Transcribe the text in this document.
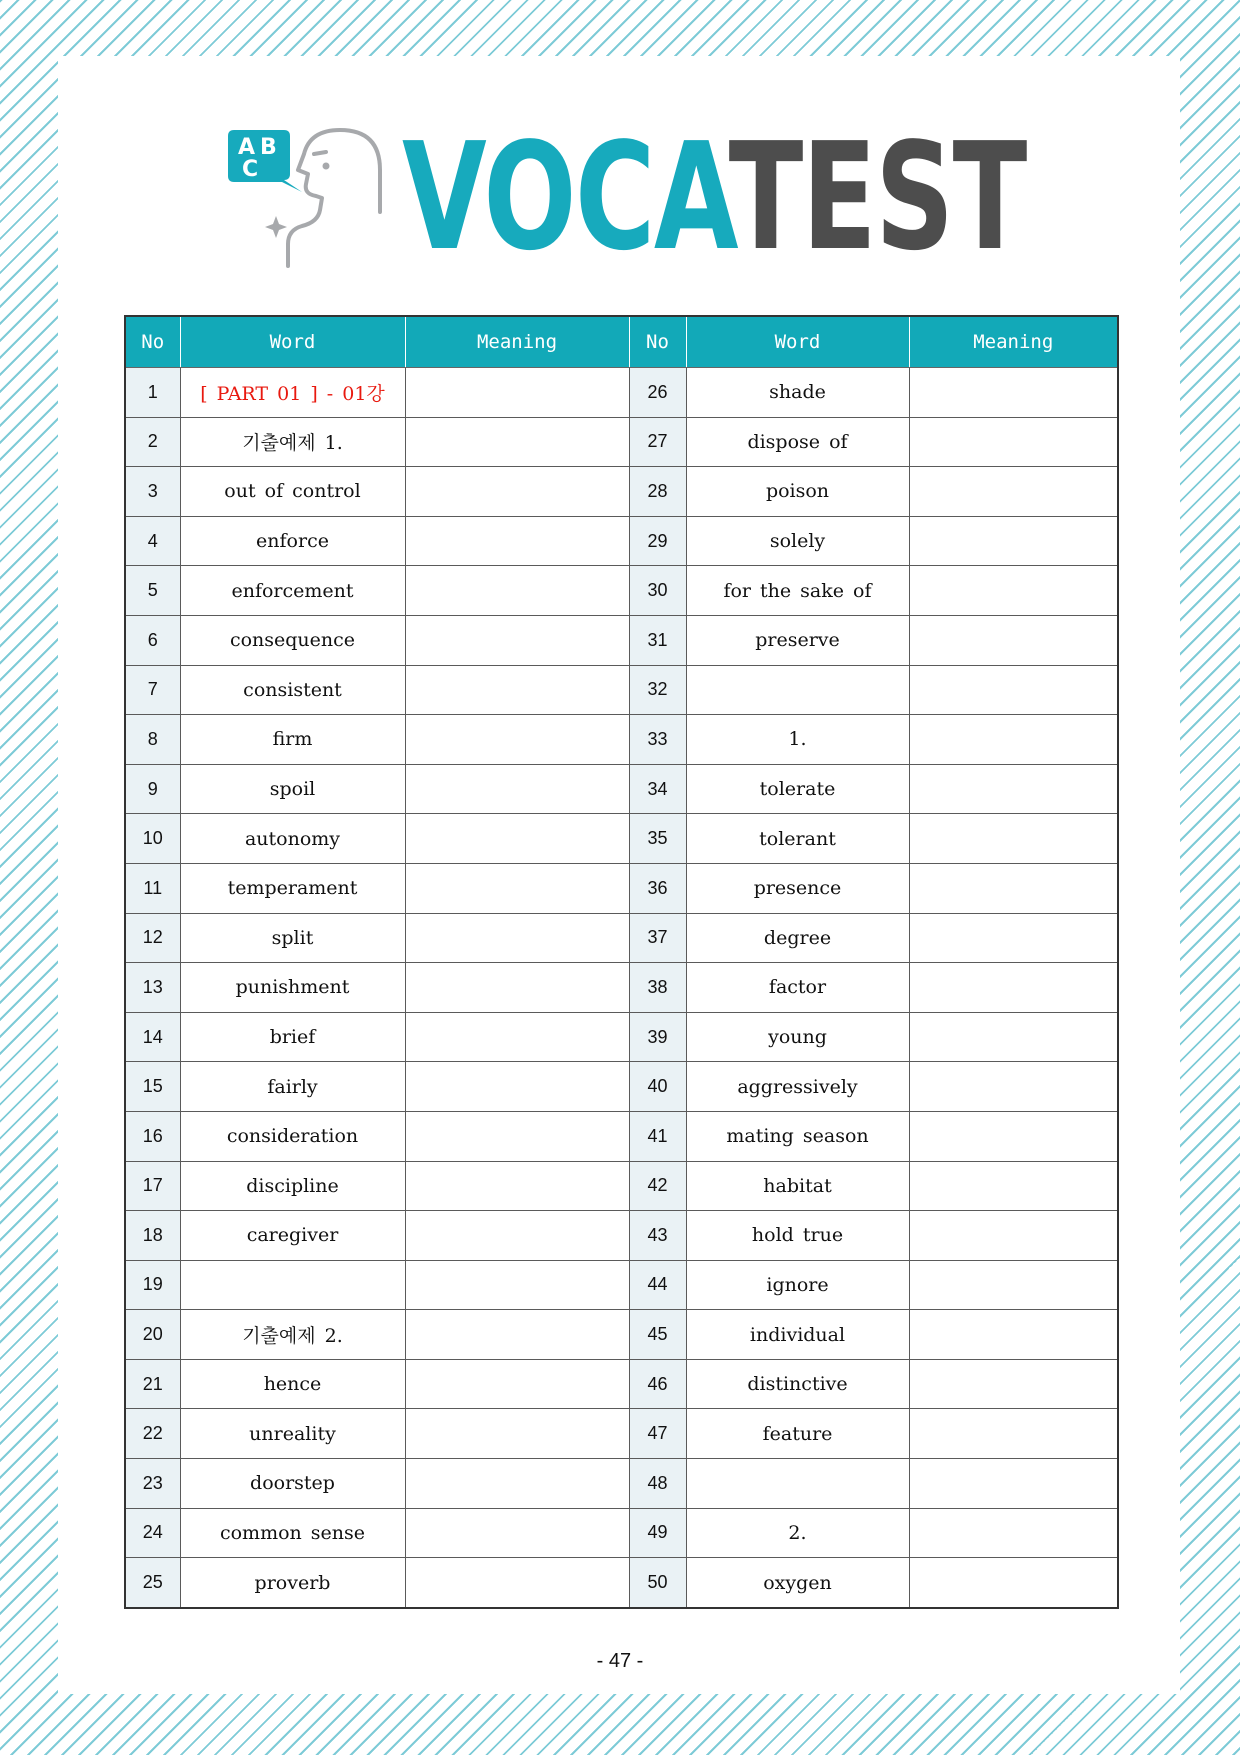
A B
C VOCATEST

No	Word	Meaning	No	Word	Meaning
1	[ PART 01 ] - 01강		26	shade	
2	기출예제 1.		27	dispose of	
3	out of control		28	poison	
4	enforce		29	solely	
5	enforcement		30	for the sake of	
6	consequence		31	preserve	
7	consistent		32		
8	firm		33	1.	
9	spoil		34	tolerate	
10	autonomy		35	tolerant	
11	temperament		36	presence	
12	split		37	degree	
13	punishment		38	factor	
14	brief		39	young	
15	fairly		40	aggressively	
16	consideration		41	mating season	
17	discipline		42	habitat	
18	caregiver		43	hold true	
19			44	ignore	
20	기출예제 2.		45	individual	
21	hence		46	distinctive	
22	unreality		47	feature	
23	doorstep		48		
24	common sense		49	2.	
25	proverb		50	oxygen	
- 47 -
